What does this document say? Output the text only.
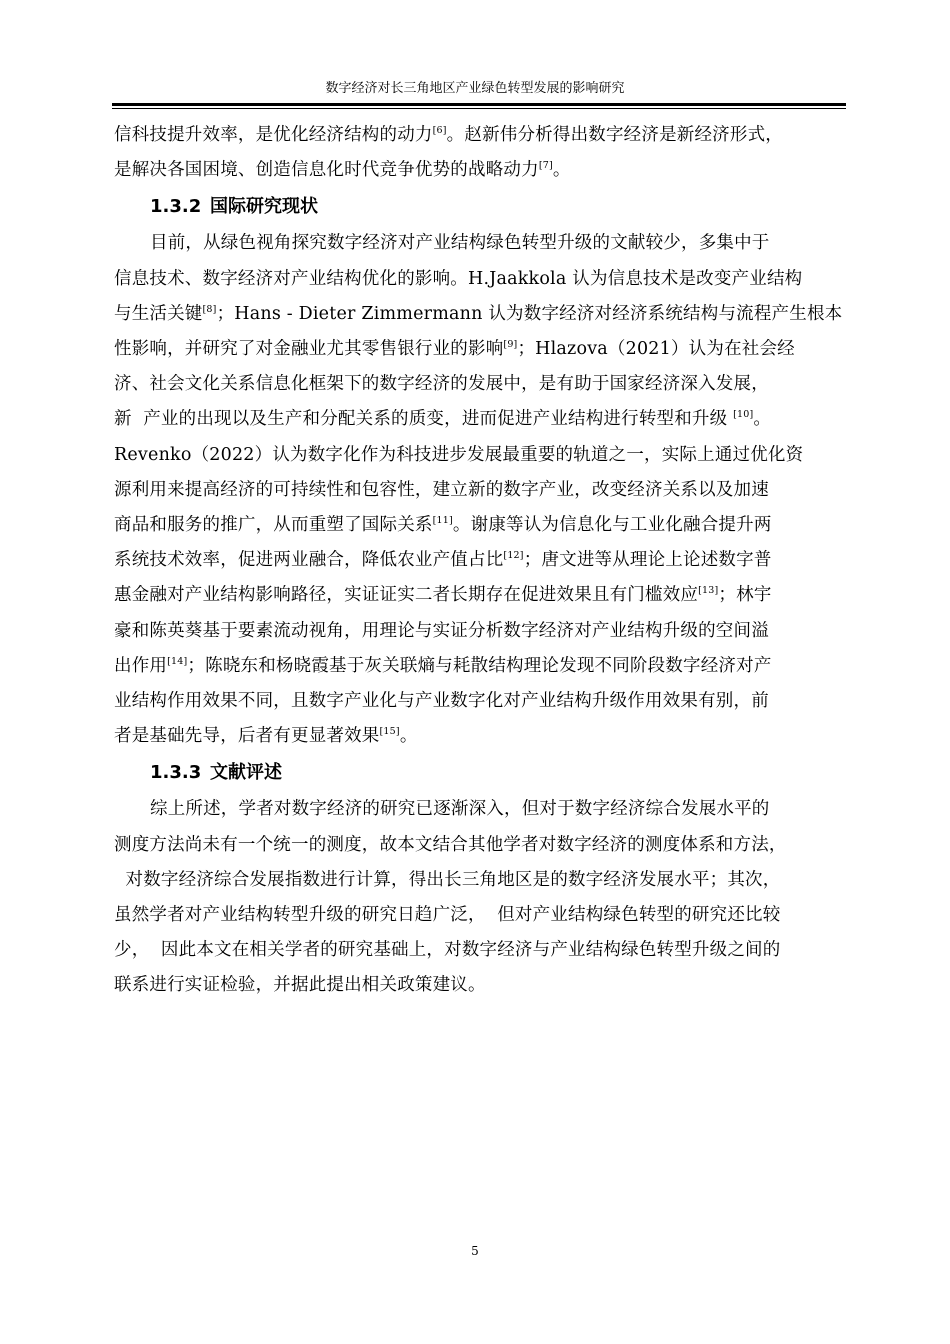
数字经济对长三角地区产业绿色转型发展的影响研究

信科技提升效率，是优化经济结构的动力[6]。赵新伟分析得出数字经济是新经济形式，
是解决各国困境、创造信息化时代竞争优势的战略动力[7]。

1.3.2 国际研究现状

目前，从绿色视角探究数字经济对产业结构绿色转型升级的文献较少，多集中于
信息技术、数字经济对产业结构优化的影响。H.Jaakkola 认为信息技术是改变产业结构
与生活关键[8]；Hans - Dieter Zimmermann 认为数字经济对经济系统结构与流程产生根本
性影响，并研究了对金融业尤其零售银行业的影响[9]；Hlazova（2021）认为在社会经
济、社会文化关系信息化框架下的数字经济的发展中，是有助于国家经济深入发展，
新  产业的出现以及生产和分配关系的质变，进而促进产业结构进行转型和升级 [10]。
Revenko（2022）认为数字化作为科技进步发展最重要的轨道之一，实际上通过优化资
源利用来提高经济的可持续性和包容性，建立新的数字产业，改变经济关系以及加速
商品和服务的推广，从而重塑了国际关系[11]。谢康等认为信息化与工业化融合提升两
系统技术效率，促进两业融合，降低农业产值占比[12]；唐文进等从理论上论述数字普
惠金融对产业结构影响路径，实证证实二者长期存在促进效果且有门槛效应[13]；林宇
豪和陈英葵基于要素流动视角，用理论与实证分析数字经济对产业结构升级的空间溢
出作用[14]；陈晓东和杨晓霞基于灰关联熵与耗散结构理论发现不同阶段数字经济对产
业结构作用效果不同，且数字产业化与产业数字化对产业结构升级作用效果有别，前
者是基础先导，后者有更显著效果[15]。

1.3.3 文献评述

综上所述，学者对数字经济的研究已逐渐深入，但对于数字经济综合发展水平的
测度方法尚未有一个统一的测度，故本文结合其他学者对数字经济的测度体系和方法，
对数字经济综合发展指数进行计算，得出长三角地区是的数字经济发展水平；其次，
虽然学者对产业结构转型升级的研究日趋广泛，  但对产业结构绿色转型的研究还比较
少，  因此本文在相关学者的研究基础上，对数字经济与产业结构绿色转型升级之间的
联系进行实证检验，并据此提出相关政策建议。

5
